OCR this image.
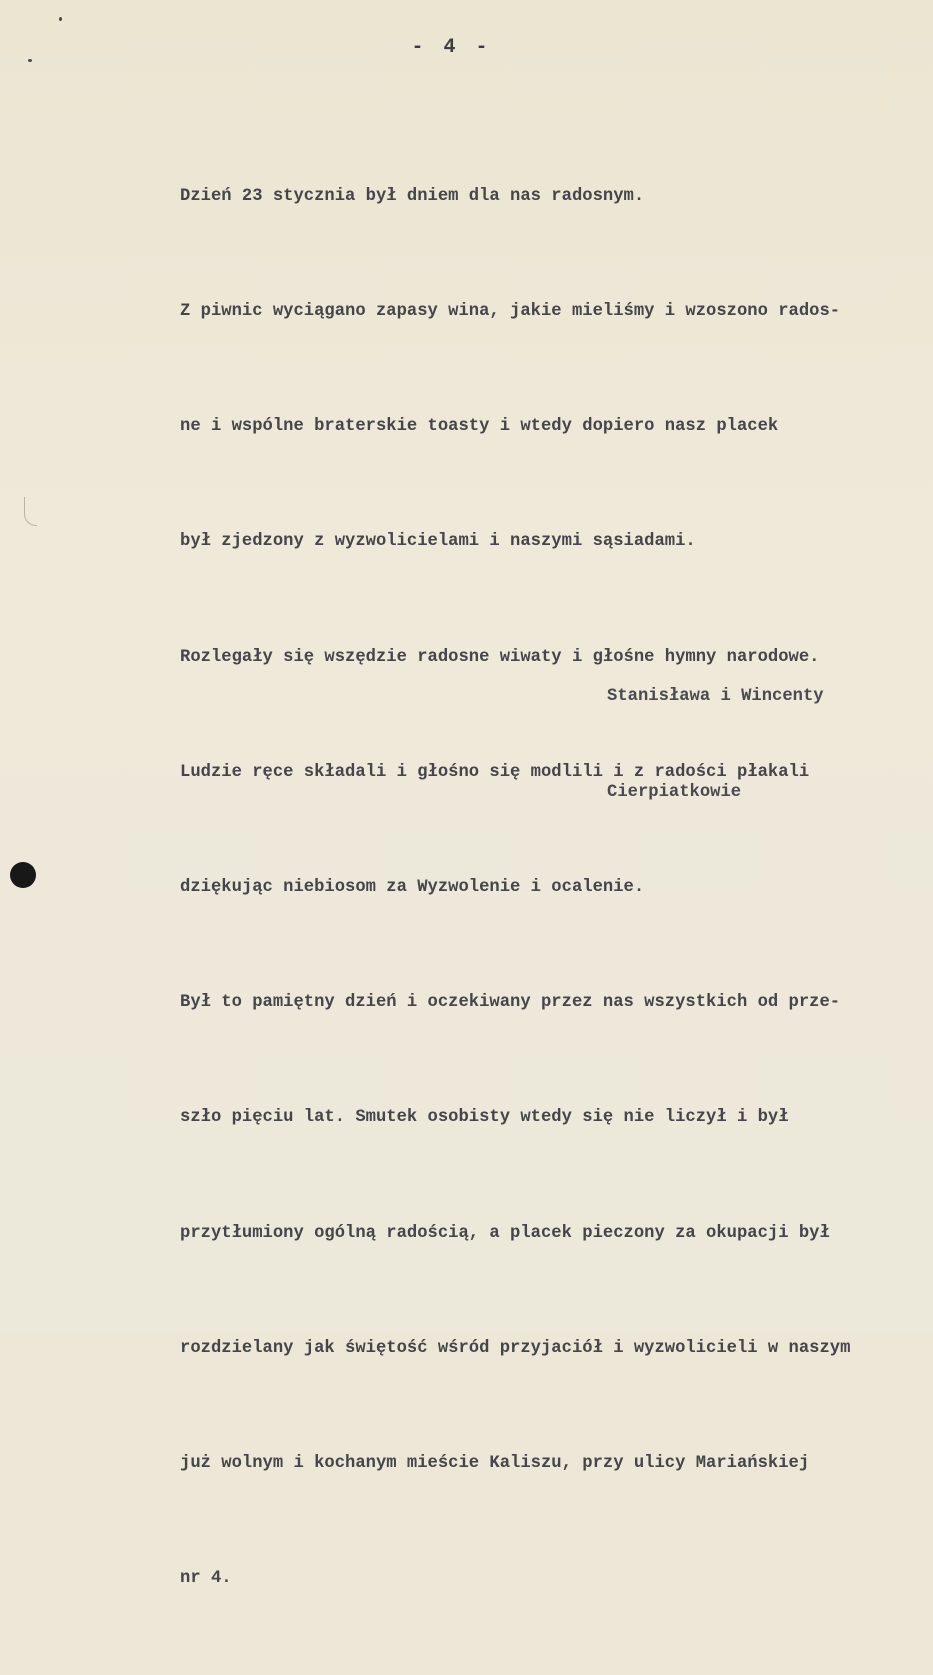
- 4 -

Dzień 23 stycznia był dniem dla nas radosnym.

Z piwnic wyciągano zapasy wina, jakie mieliśmy i wzoszono rados-

ne i wspólne braterskie toasty i wtedy dopiero nasz placek

był zjedzony z wyzwolicielami i naszymi sąsiadami.

Rozlegały się wszędzie radosne wiwaty i głośne hymny narodowe.

Ludzie ręce składali i głośno się modlili i z radości płakali

dziękując niebiosom za Wyzwolenie i ocalenie.

Był to pamiętny dzień i oczekiwany przez nas wszystkich od prze-

szło pięciu lat. Smutek osobisty wtedy się nie liczył i był

przytłumiony ogólną radością, a placek pieczony za okupacji był

rozdzielany jak świętość wśród przyjaciół i wyzwolicieli w naszym

już wolnym i kochanym mieście Kaliszu, przy ulicy Mariańskiej

nr 4.

Stanisława i Wincenty

Cierpiatkowie
